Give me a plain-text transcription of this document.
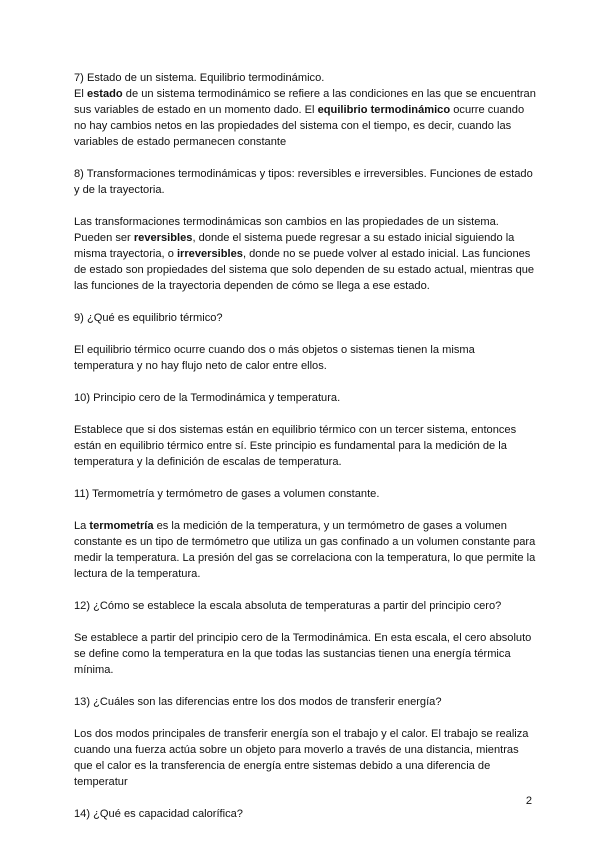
7) Estado de un sistema. Equilibrio termodinámico.
El estado de un sistema termodinámico se refiere a las condiciones en las que se encuentran sus variables de estado en un momento dado. El equilibrio termodinámico ocurre cuando no hay cambios netos en las propiedades del sistema con el tiempo, es decir, cuando las variables de estado permanecen constante

8) Transformaciones termodinámicas y tipos: reversibles e irreversibles. Funciones de estado y de la trayectoria.

Las transformaciones termodinámicas son cambios en las propiedades de un sistema. Pueden ser reversibles, donde el sistema puede regresar a su estado inicial siguiendo la misma trayectoria, o irreversibles, donde no se puede volver al estado inicial. Las funciones de estado son propiedades del sistema que solo dependen de su estado actual, mientras que las funciones de la trayectoria dependen de cómo se llega a ese estado.

9) ¿Qué es equilibrio térmico?

El equilibrio térmico ocurre cuando dos o más objetos o sistemas tienen la misma temperatura y no hay flujo neto de calor entre ellos.

10) Principio cero de la Termodinámica y temperatura.

Establece que si dos sistemas están en equilibrio térmico con un tercer sistema, entonces están en equilibrio térmico entre sí. Este principio es fundamental para la medición de la temperatura y la definición de escalas de temperatura.

11) Termometría y termómetro de gases a volumen constante.

La termometría es la medición de la temperatura, y un termómetro de gases a volumen constante es un tipo de termómetro que utiliza un gas confinado a un volumen constante para medir la temperatura. La presión del gas se correlaciona con la temperatura, lo que permite la lectura de la temperatura.

12) ¿Cómo se establece la escala absoluta de temperaturas a partir del principio cero?

Se establece a partir del principio cero de la Termodinámica. En esta escala, el cero absoluto se define como la temperatura en la que todas las sustancias tienen una energía térmica mínima.

13) ¿Cuáles son las diferencias entre los dos modos de transferir energía?

Los dos modos principales de transferir energía son el trabajo y el calor. El trabajo se realiza cuando una fuerza actúa sobre un objeto para moverlo a través de una distancia, mientras que el calor es la transferencia de energía entre sistemas debido a una diferencia de temperatur

14) ¿Qué es capacidad calorífica?

2
